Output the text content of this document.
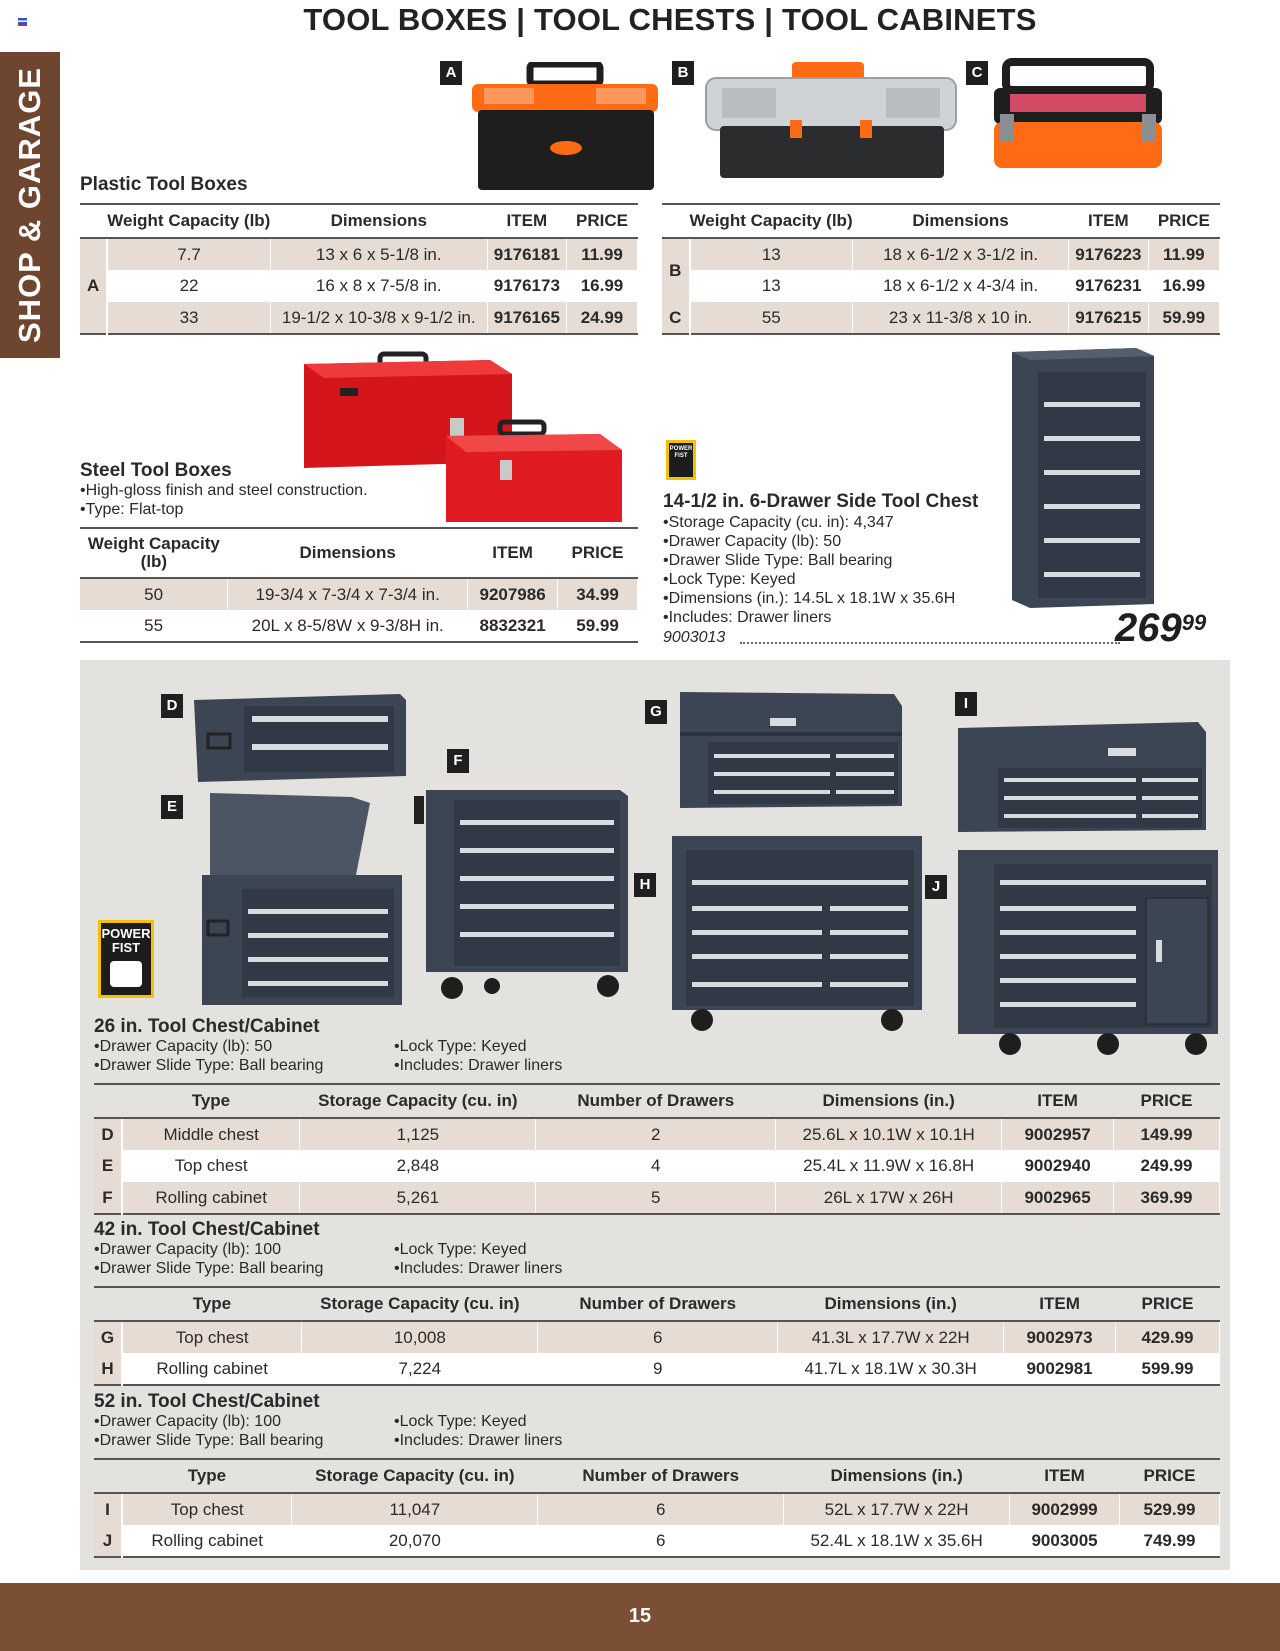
SHOP & GARAGE
TOOL BOXES | TOOL CHESTS | TOOL CABINETS
A	B	C
Plastic Tool Boxes
	Weight Capacity (lb)	Dimensions	ITEM	PRICE
A	7.7	13 x 6 x 5-1/8 in.	9176181	11.99
	22	16 x 8 x 7-5/8 in.	9176173	16.99
	33	19-1/2 x 10-3/8 x 9-1/2 in.	9176165	24.99
	Weight Capacity (lb)	Dimensions	ITEM	PRICE
B	13	18 x 6-1/2 x 3-1/2 in.	9176223	11.99
	13	18 x 6-1/2 x 4-3/4 in.	9176231	16.99
C	55	23 x 11-3/8 x 10 in.	9176215	59.99
Steel Tool Boxes
•High-gloss finish and steel construction.
•Type: Flat-top
Weight Capacity (lb)	Dimensions	ITEM	PRICE
50	19-3/4 x 7-3/4 x 7-3/4 in.	9207986	34.99
55	20L x 8-5/8W x 9-3/8H in.	8832321	59.99
POWER
FIST
14-1/2 in. 6-Drawer Side Tool Chest
•Storage Capacity (cu. in): 4,347
•Drawer Capacity (lb): 50
•Drawer Slide Type: Ball bearing
•Lock Type: Keyed
•Dimensions (in.): 14.5L x 18.1W x 35.6H
•Includes: Drawer liners
9003013	$269^{99}$
D
E
F
POWER
FIST
G
H
I
J
26 in. Tool Chest/Cabinet
•Drawer Capacity (lb): 50
•Drawer Slide Type: Ball bearing
•Lock Type: Keyed
•Includes: Drawer liners
	Type	Storage Capacity (cu. in)	Number of Drawers	Dimensions (in.)	ITEM	PRICE
D	Middle chest	1,125	2	25.6L x 10.1W x 10.1H	9002957	149.99
E	Top chest	2,848	4	25.4L x 11.9W x 16.8H	9002940	249.99
F	Rolling cabinet	5,261	5	26L x 17W x 26H	9002965	369.99
42 in. Tool Chest/Cabinet
•Drawer Capacity (lb): 100
•Drawer Slide Type: Ball bearing
•Lock Type: Keyed
•Includes: Drawer liners
	Type	Storage Capacity (cu. in)	Number of Drawers	Dimensions (in.)	ITEM	PRICE
G	Top chest	10,008	6	41.3L x 17.7W x 22H	9002973	429.99
H	Rolling cabinet	7,224	9	41.7L x 18.1W x 30.3H	9002981	599.99
52 in. Tool Chest/Cabinet
•Drawer Capacity (lb): 100
•Drawer Slide Type: Ball bearing
•Lock Type: Keyed
•Includes: Drawer liners
	Type	Storage Capacity (cu. in)	Number of Drawers	Dimensions (in.)	ITEM	PRICE
I	Top chest	11,047	6	52L x 17.7W x 22H	9002999	529.99
J	Rolling cabinet	20,070	6	52.4L x 18.1W x 35.6H	9003005	749.99
15
